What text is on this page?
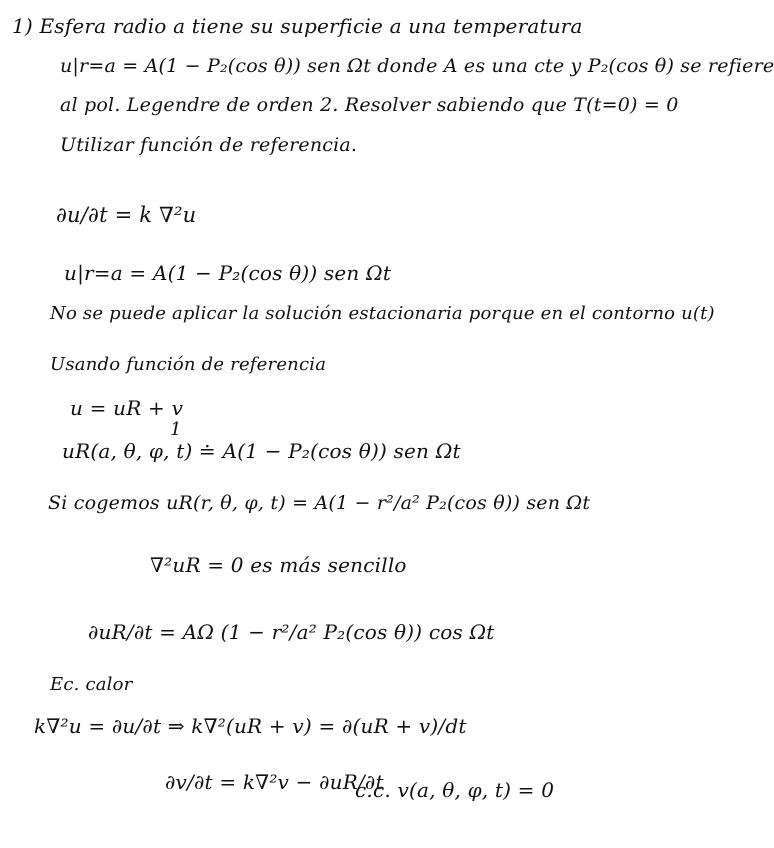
1) Esfera radio a tiene su superficie a una temperatura
u|r=a = A(1 − P₂(cos θ)) sen Ωt donde A es una cte y P₂(cos θ) se refiere
al pol. Legendre de orden 2. Resolver sabiendo que T(t=0) = 0
Utilizar función de referencia.
∂u/∂t = k ∇²u
u|r=a = A(1 − P₂(cos θ)) sen Ωt
No se puede aplicar la solución estacionaria porque en el contorno u(t)
Usando función de referencia
u = uR + v
1
uR(a, θ, φ, t) ≐ A(1 − P₂(cos θ)) sen Ωt
Si cogemos uR(r, θ, φ, t) = A(1 − r²/a² P₂(cos θ)) sen Ωt
∇²uR = 0 es más sencillo
∂uR/∂t = AΩ (1 − r²/a² P₂(cos θ)) cos Ωt
Ec. calor
k∇²u = ∂u/∂t ⇒ k∇²(uR + v) = ∂(uR + v)/dt
∂v/∂t = k∇²v − ∂uR/∂t
c.c. v(a, θ, φ, t) = 0
